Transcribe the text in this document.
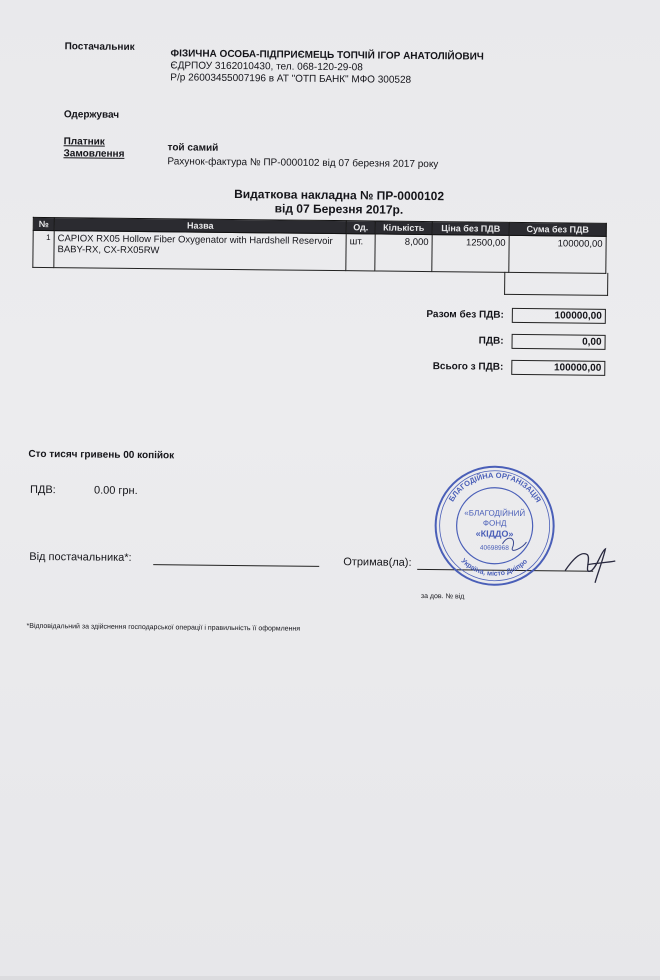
Постачальник
ФІЗИЧНА ОСОБА-ПІДПРИЄМЕЦЬ ТОПЧІЙ ІГОР АНАТОЛІЙОВИЧ
ЄДРПОУ 3162010430, тел. 068-120-29-08
Р/р 26003455007196 в АТ "ОТП БАНК" МФО 300528
Одержувач
Платник
той самий
Замовлення
Рахунок-фактура № ПР-0000102 від 07 березня 2017 року
Видаткова накладна № ПР-0000102
від 07 Березня 2017р.
№	Назва	Од.	Кількість	Ціна без ПДВ	Сума без ПДВ
1	CAPIOX RX05 Hollow Fiber Oxygenator with Hardshell Reservoir BABY-RX, CX-RX05RW	шт.	8,000	12500,00	100000,00
Разом без ПДВ:	100000,00
ПДВ:	0,00
Всього з ПДВ:	100000,00
Сто тисяч гривень 00 копійок
ПДВ:	0.00 грн.
Від постачальника*:	Отримав(ла):
за дов. № від
БЛАГОДІЙНА ОРГАНІЗАЦІЯ
Україна, місто Дніпро
«БЛАГОДІЙНИЙ
ФОНД
«КІДДО»
40698968
*Відповідальний за здійснення господарської операції і правильність її оформлення
